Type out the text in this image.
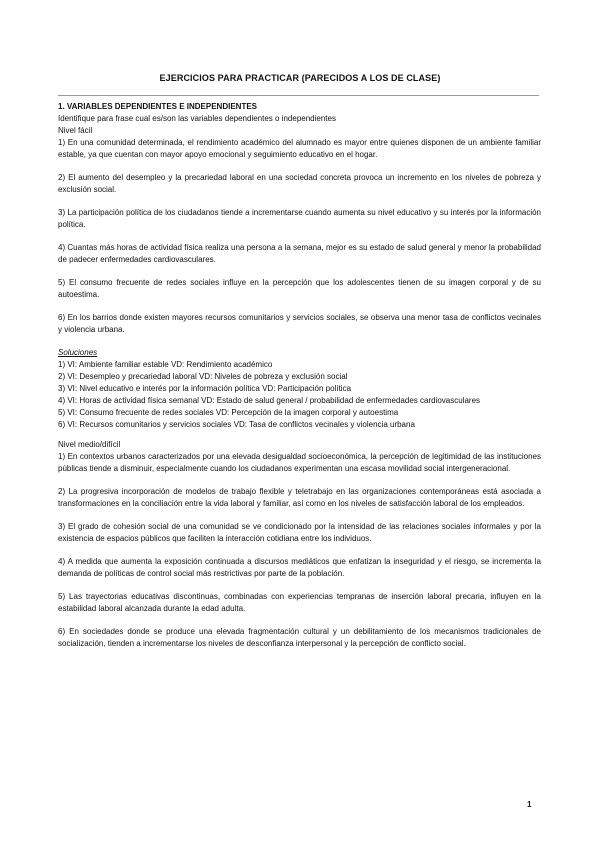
EJERCICIOS PARA PRACTICAR (PARECIDOS A LOS DE CLASE)

1. VARIABLES DEPENDIENTES E INDEPENDIENTES

Identifique para frase cual es/son las variables dependientes o independientes

Nivel fácil

1) En una comunidad determinada, el rendimiento académico del alumnado es mayor entre quienes disponen de un ambiente familiar estable, ya que cuentan con mayor apoyo emocional y seguimiento educativo en el hogar.

2) El aumento del desempleo y la precariedad laboral en una sociedad concreta provoca un incremento en los niveles de pobreza y exclusión social.

3) La participación política de los ciudadanos tiende a incrementarse cuando aumenta su nivel educativo y su interés por la información política.

4) Cuantas más horas de actividad física realiza una persona a la semana, mejor es su estado de salud general y menor la probabilidad de padecer enfermedades cardiovasculares.

5) El consumo frecuente de redes sociales influye en la percepción que los adolescentes tienen de su imagen corporal y de su autoestima.

6) En los barrios donde existen mayores recursos comunitarios y servicios sociales, se observa una menor tasa de conflictos vecinales y violencia urbana.

Soluciones

1) VI: Ambiente familiar estable VD: Rendimiento académico

2) VI: Desempleo y precariedad laboral VD: Niveles de pobreza y exclusión social

3) VI: Nivel educativo e interés por la información política VD: Participación política

4) VI: Horas de actividad física semanal VD: Estado de salud general / probabilidad de enfermedades cardiovasculares

5) VI: Consumo frecuente de redes sociales VD: Percepción de la imagen corporal y autoestima

6) VI: Recursos comunitarios y servicios sociales VD: Tasa de conflictos vecinales y violencia urbana

Nivel medio/difícil

1) En contextos urbanos caracterizados por una elevada desigualdad socioeconómica, la percepción de legitimidad de las instituciones públicas tiende a disminuir, especialmente cuando los ciudadanos experimentan una escasa movilidad social intergeneracional.

2) La progresiva incorporación de modelos de trabajo flexible y teletrabajo en las organizaciones contemporáneas está asociada a transformaciones en la conciliación entre la vida laboral y familiar, así como en los niveles de satisfacción laboral de los empleados.

3) El grado de cohesión social de una comunidad se ve condicionado por la intensidad de las relaciones sociales informales y por la existencia de espacios públicos que faciliten la interacción cotidiana entre los individuos.

4) A medida que aumenta la exposición continuada a discursos mediáticos que enfatizan la inseguridad y el riesgo, se incrementa la demanda de políticas de control social más restrictivas por parte de la población.

5) Las trayectorias educativas discontinuas, combinadas con experiencias tempranas de inserción laboral precaria, influyen en la estabilidad laboral alcanzada durante la edad adulta.

6) En sociedades donde se produce una elevada fragmentación cultural y un debilitamiento de los mecanismos tradicionales de socialización, tienden a incrementarse los niveles de desconfianza interpersonal y la percepción de conflicto social.

1
